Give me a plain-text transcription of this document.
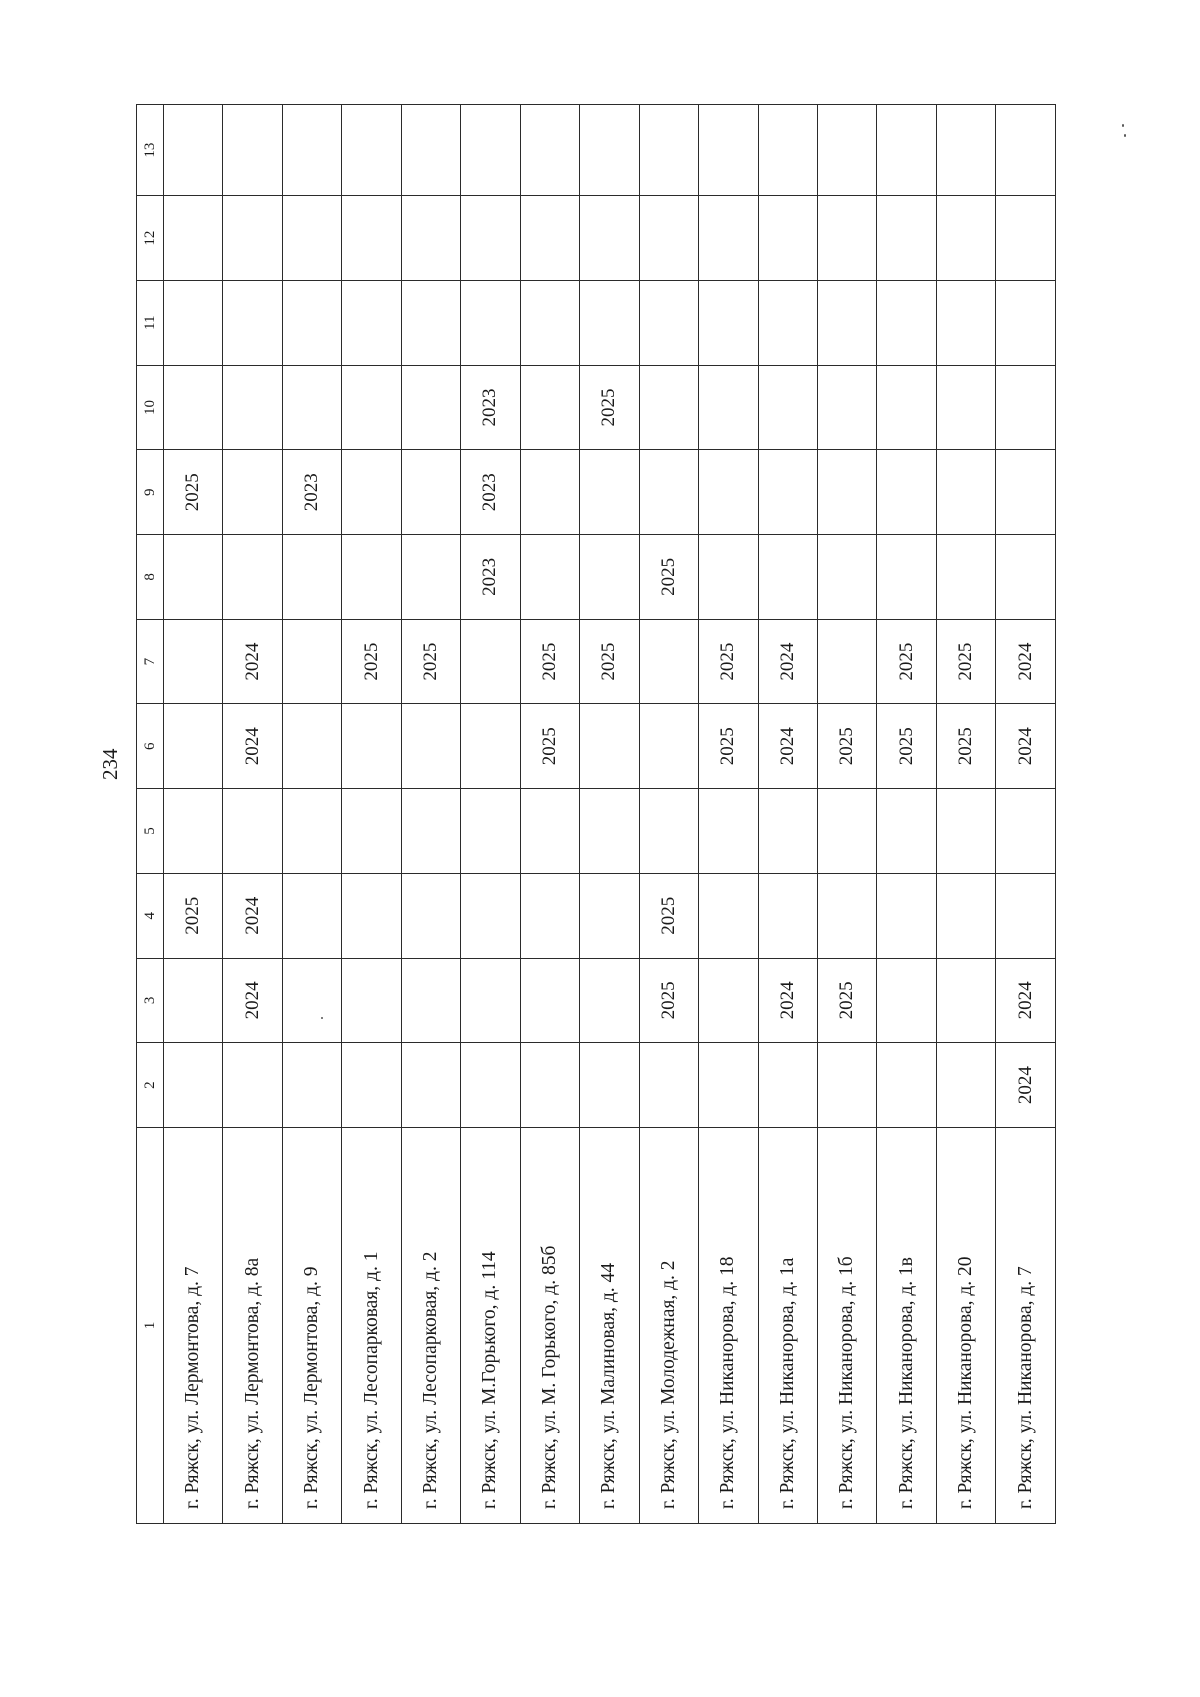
234
1	2	3	4	5	6	7	8	9	10	11	12	13
г. Ряжск, ул. Лермонтова, д. 7			2025					2025				
г. Ряжск, ул. Лермонтова, д. 8а		2024	2024		2024	2024						
г. Ряжск, ул. Лермонтова, д. 9								2023				
г. Ряжск, ул. Лесопарковая, д. 1						2025						
г. Ряжск, ул. Лесопарковая, д. 2						2025						
г. Ряжск, ул. М.Горького, д. 114							2023	2023	2023			
г. Ряжск, ул. М. Горького, д. 85б					2025	2025						
г. Ряжск, ул. Малиновая, д. 44						2025			2025			
г. Ряжск, ул. Молодежная, д. 2		2025	2025				2025					
г. Ряжск, ул. Никанорова, д. 18					2025	2025						
г. Ряжск, ул. Никанорова, д. 1а		2024			2024	2024						
г. Ряжск, ул. Никанорова, д. 1б		2025			2025							
г. Ряжск, ул. Никанорова, д. 1в					2025	2025						
г. Ряжск, ул. Никанорова, д. 20					2025	2025						
г. Ряжск, ул. Никанорова, д. 7	2024	2024			2024	2024						
